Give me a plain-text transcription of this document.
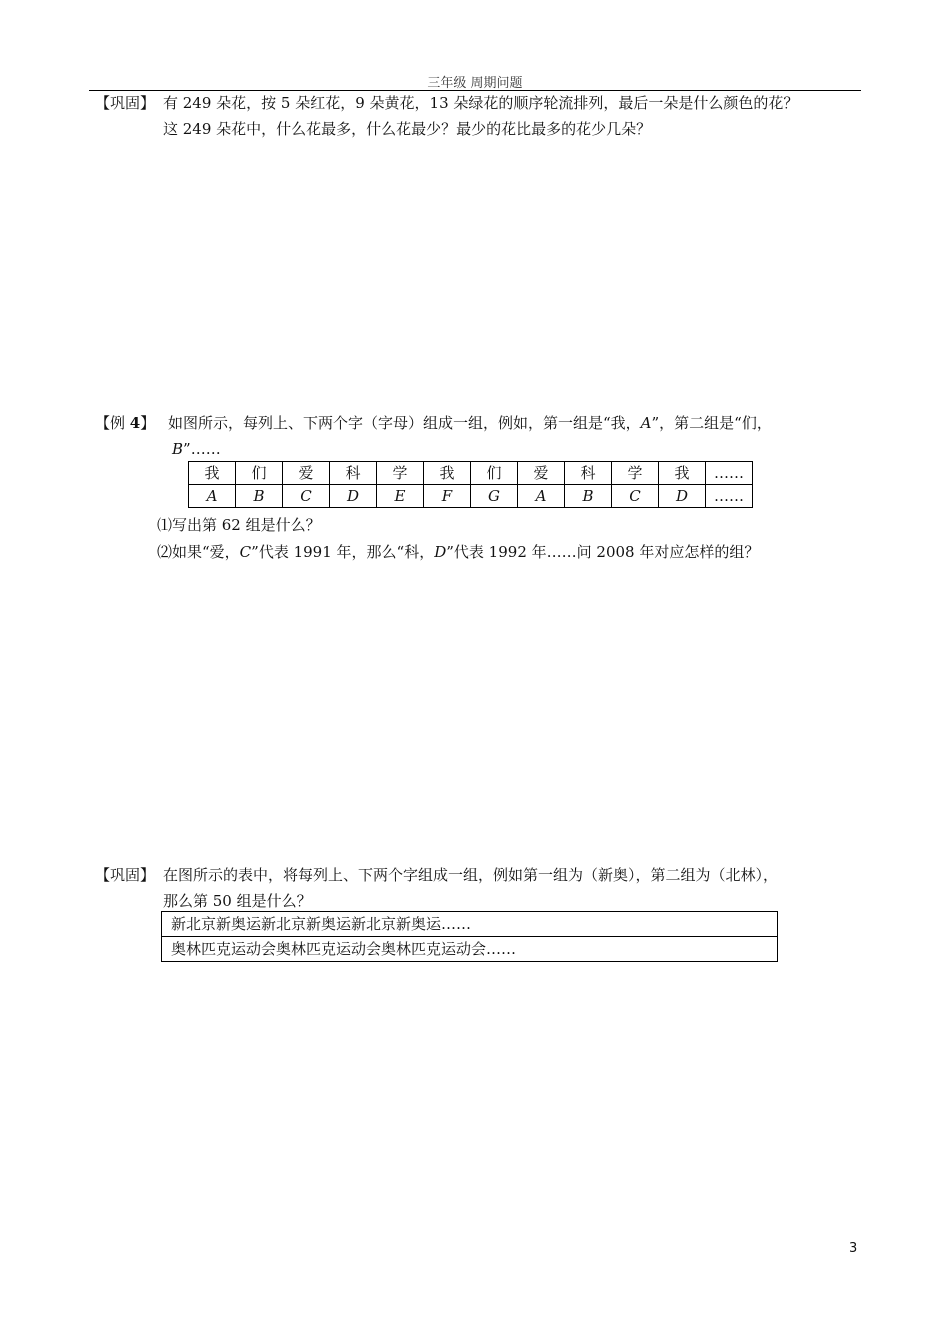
三年级 周期问题
【巩固】 有 249 朵花，按 5 朵红花，9 朵黄花，13 朵绿花的顺序轮流排列，最后一朵是什么颜色的花？

这 249 朵花中，什么花最多，什么花最少？最少的花比最多的花少几朵？

【例 4】 如图所示，每列上、下两个字（字母）组成一组，例如，第一组是“我，A”，第二组是“们，

B”……

我	们	爱	科	学	我	们	爱	科	学	我	……
A	B	C	D	E	F	G	A	B	C	D	……
⑴写出第 62 组是什么？
⑵如果“爱，C”代表 1991 年，那么“科，D”代表 1992 年……问 2008 年对应怎样的组？
【巩固】 在图所示的表中，将每列上、下两个字组成一组，例如第一组为（新奥），第二组为（北林），

那么第 50 组是什么？

新北京新奥运新北京新奥运新北京新奥运……
奥林匹克运动会奥林匹克运动会奥林匹克运动会……
3
